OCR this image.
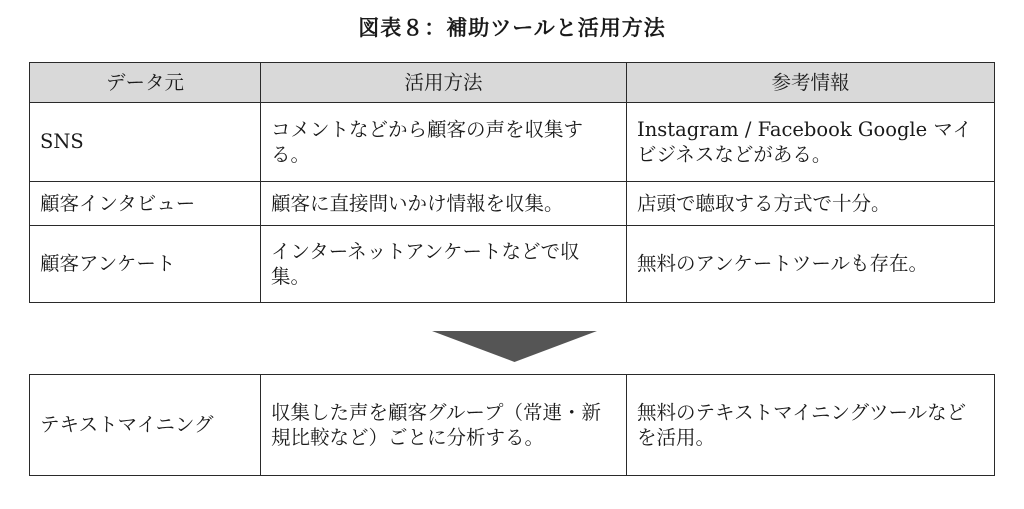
図表８：補助ツールと活用方法
データ元	活用方法	参考情報
SNS	コメントなどから顧客の声を収集する。	Instagram / Facebook Google マイビジネスなどがある。
顧客インタビュー	顧客に直接問いかけ情報を収集。	店頭で聴取する方式で十分。
顧客アンケート	インターネットアンケートなどで収集。	無料のアンケートツールも存在。
テキストマイニング	収集した声を顧客グループ（常連・新規比較など）ごとに分析する。	無料のテキストマイニングツールなどを活用。
